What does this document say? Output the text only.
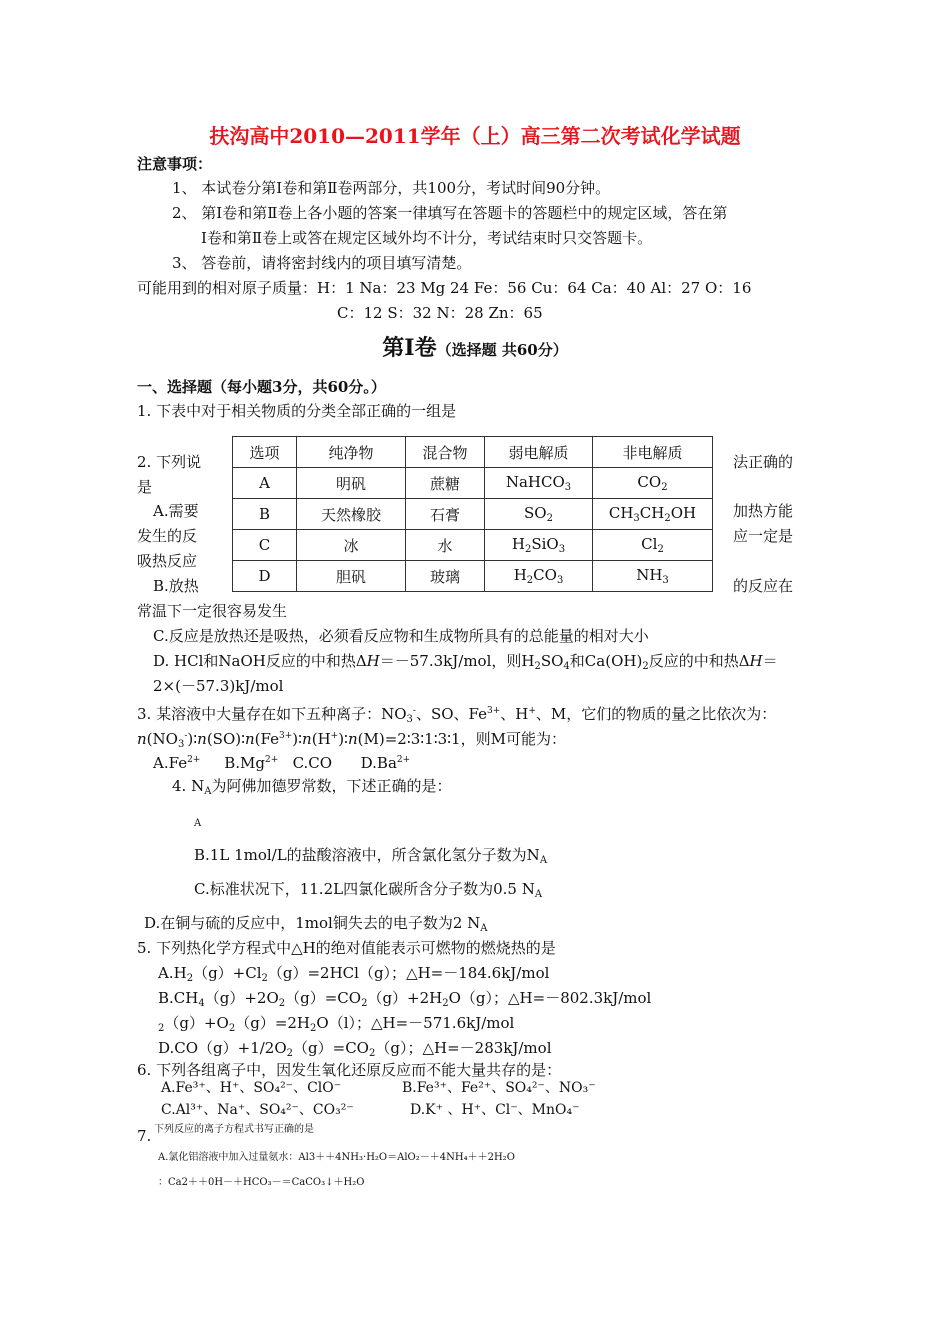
扶沟高中2010—2011学年（上）高三第二次考试化学试题
注意事项：
1、 本试卷分第Ⅰ卷和第Ⅱ卷两部分，共100分，考试时间90分钟。
2、 第Ⅰ卷和第Ⅱ卷上各小题的答案一律填写在答题卡的答题栏中的规定区域，答在第
Ⅰ卷和第Ⅱ卷上或答在规定区域外均不计分，考试结束时只交答题卡。
3、 答卷前，请将密封线内的项目填写清楚。
可能用到的相对原子质量：H：1 Na：23 Mg 24 Fe：56 Cu：64 Ca：40 Al：27 O：16
C：12 S：32 N：28 Zn：65
第Ⅰ卷（选择题 共60分）
一、选择题（每小题3分，共60分。）
1. 下表中对于相关物质的分类全部正确的一组是
选项	纯净物	混合物	弱电解质	非电解质
A	明矾	蔗糖	NaHCO$_3$	$CO_2$
B	天然橡胶	石膏	$SO_2$	$CH_3CH_2OH$
C	冰	水	$H_2SiO_3$	$Cl_2$
D	胆矾	玻璃	$H_2CO_3$	$NH_3$
2. 下列说
是
A.需要
发生的反
吸热反应
B.放热
法正确的
加热方能
应一定是
的反应在
常温下一定很容易发生
C.反应是放热还是吸热，必须看反应物和生成物所具有的总能量的相对大小
D. HCl和NaOH反应的中和热ΔH＝－57.3kJ/mol，则$H_2SO_4$和$Ca(OH)_2$反应的中和热ΔH＝
2×(－57.3)kJ/mol
3. 某溶液中大量存在如下五种离子：$NO_3^-$、SO、$Fe^{3+}$、H+、M，它们的物质的量之比依次为：
$n(NO_3^-)∶n(SO)∶n(Fe^{3+})∶n(H^+)∶n(M)=2∶3∶1∶3∶1$，则M可能为：
$A.Fe^{2+}$ $B.Mg^{2+}$ C.CO $D.Ba^{2+}$
4. $N_A$为阿佛加德罗常数，下述正确的是：
A
B.1L 1mol/L的盐酸溶液中，所含氯化氢分子数为$N_A$
C.标准状况下，11.2L四氯化碳所含分子数为0.5 $N_A$
D.在铜与硫的反应中，1mol铜失去的电子数为2 $N_A$
5. 下列热化学方程式中△H的绝对值能表示可燃物的燃烧热的是
$A.H_2(g)+Cl_2(g)=2HCl(g)$；△H=－184.6kJ/mol
$B.CH_4(g)+2O_2(g)=CO_2(g)+2H_2O(g)$；△H=－802.3kJ/mol
$_2(g)+O_2(g)=2H_2O(l)$；△H=－571.6kJ/mol
$D.CO(g)+1/2O_2(g)=CO_2(g)$；△H=－283kJ/mol
6. 下列各组离子中，因发生氧化还原反应而不能大量共存的是：
A.Fe³⁺、H⁺、SO₄²⁻、ClO⁻	B.Fe³⁺、Fe²⁺、SO₄²⁻、NO₃⁻
C.Al³⁺、Na⁺、SO₄²⁻、CO₃²⁻	D.K⁺ 、H⁺、Cl⁻、MnO₄⁻
7. 下列反应的离子方程式书写正确的是
A.氯化铝溶液中加入过量氨水：Al3＋＋4NH₃·H₂O＝AlO₂－＋4NH₄＋＋2H₂O
：Ca2＋＋0H－＋HCO₃－＝CaCO₃↓＋H₂O
